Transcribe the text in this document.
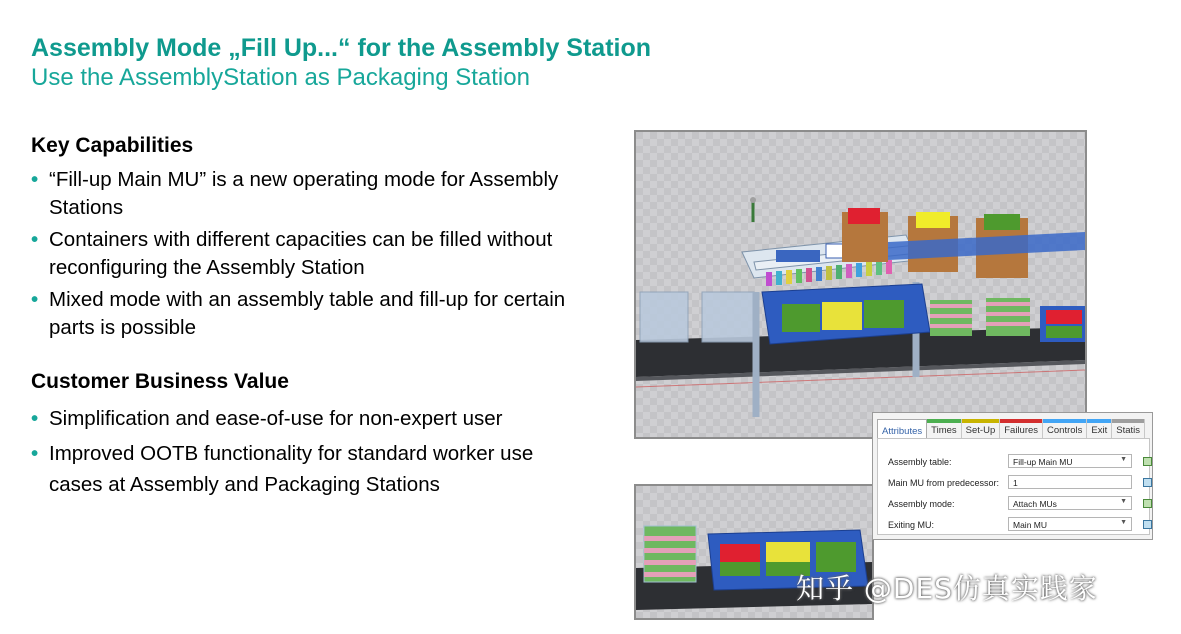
Assembly Mode „Fill Up...“ for the Assembly Station
Use the AssemblyStation as Packaging Station
Key Capabilities
• “Fill-up Main MU” is a new operating mode for Assembly Stations
• Containers with different capacities can be filled without reconfiguring the Assembly Station
• Mixed mode with an assembly table and fill-up for certain parts is possible
Customer Business Value
• Simplification and ease-of-use for non-expert user
• Improved OOTB functionality for standard worker use cases at Assembly and Packaging Stations
Attributes Times Set-Up Failures Controls Exit Statis
Assembly table:	Fill-up Main MU	▼
Main MU from predecessor:	1
Assembly mode:	Attach MUs	▼
Exiting MU:	Main MU	▼
知乎 @DES仿真实践家
